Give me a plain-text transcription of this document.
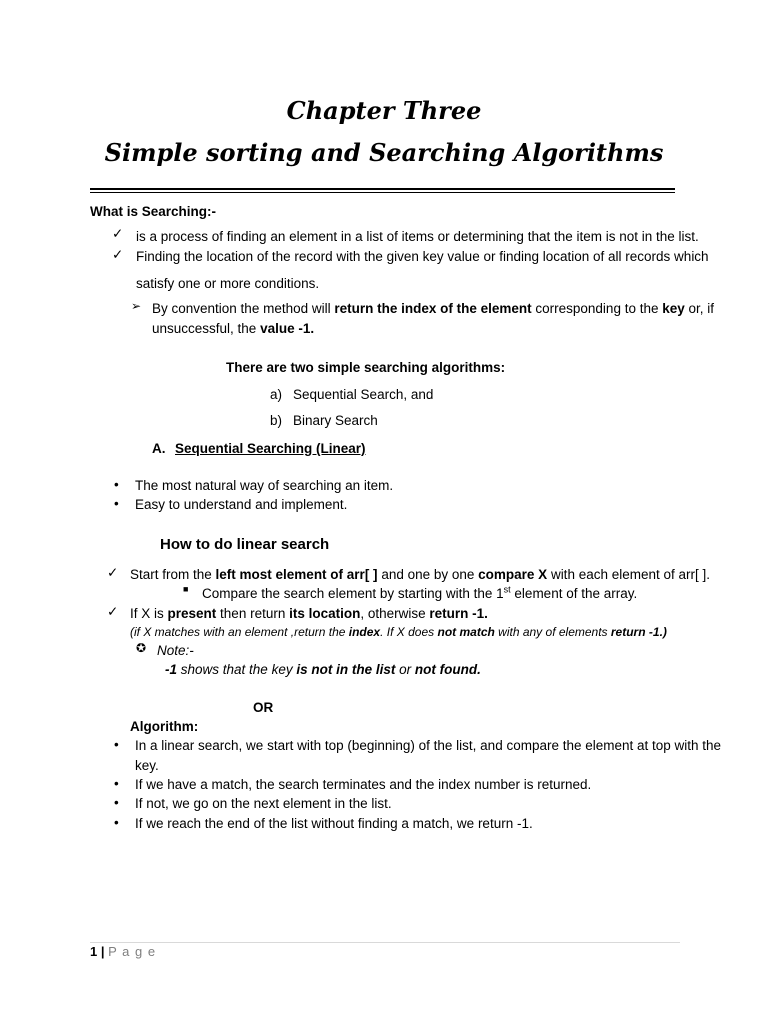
Chapter Three
Simple sorting and Searching Algorithms
What is Searching:-
✓ is a process of finding an element in a list of items or determining that the item is not in the list.
✓ Finding the location of the record with the given key value or finding location of all records which
satisfy one or more conditions.
➢ By convention the method will return the index of the element corresponding to the key or, if
unsuccessful, the value -1.
There are two simple searching algorithms:
a) Sequential Search, and
b) Binary Search
A. Sequential Searching (Linear)
• The most natural way of searching an item.
• Easy to understand and implement.
How to do linear search
✓ Start from the left most element of arr[ ] and one by one compare X with each element of arr[ ].
■ Compare the search element by starting with the 1st element of the array.
✓ If X is present then return its location, otherwise return -1.
(if X matches with an element ,return the index. If X does not match with any of elements return -1.)
✪ Note:-
-1 shows that the key is not in the list or not found.
OR
Algorithm:
• In a linear search, we start with top (beginning) of the list, and compare the element at top with the
key.
• If we have a match, the search terminates and the index number is returned.
• If not, we go on the next element in the list.
• If we reach the end of the list without finding a match, we return -1.
1 | P a g e
